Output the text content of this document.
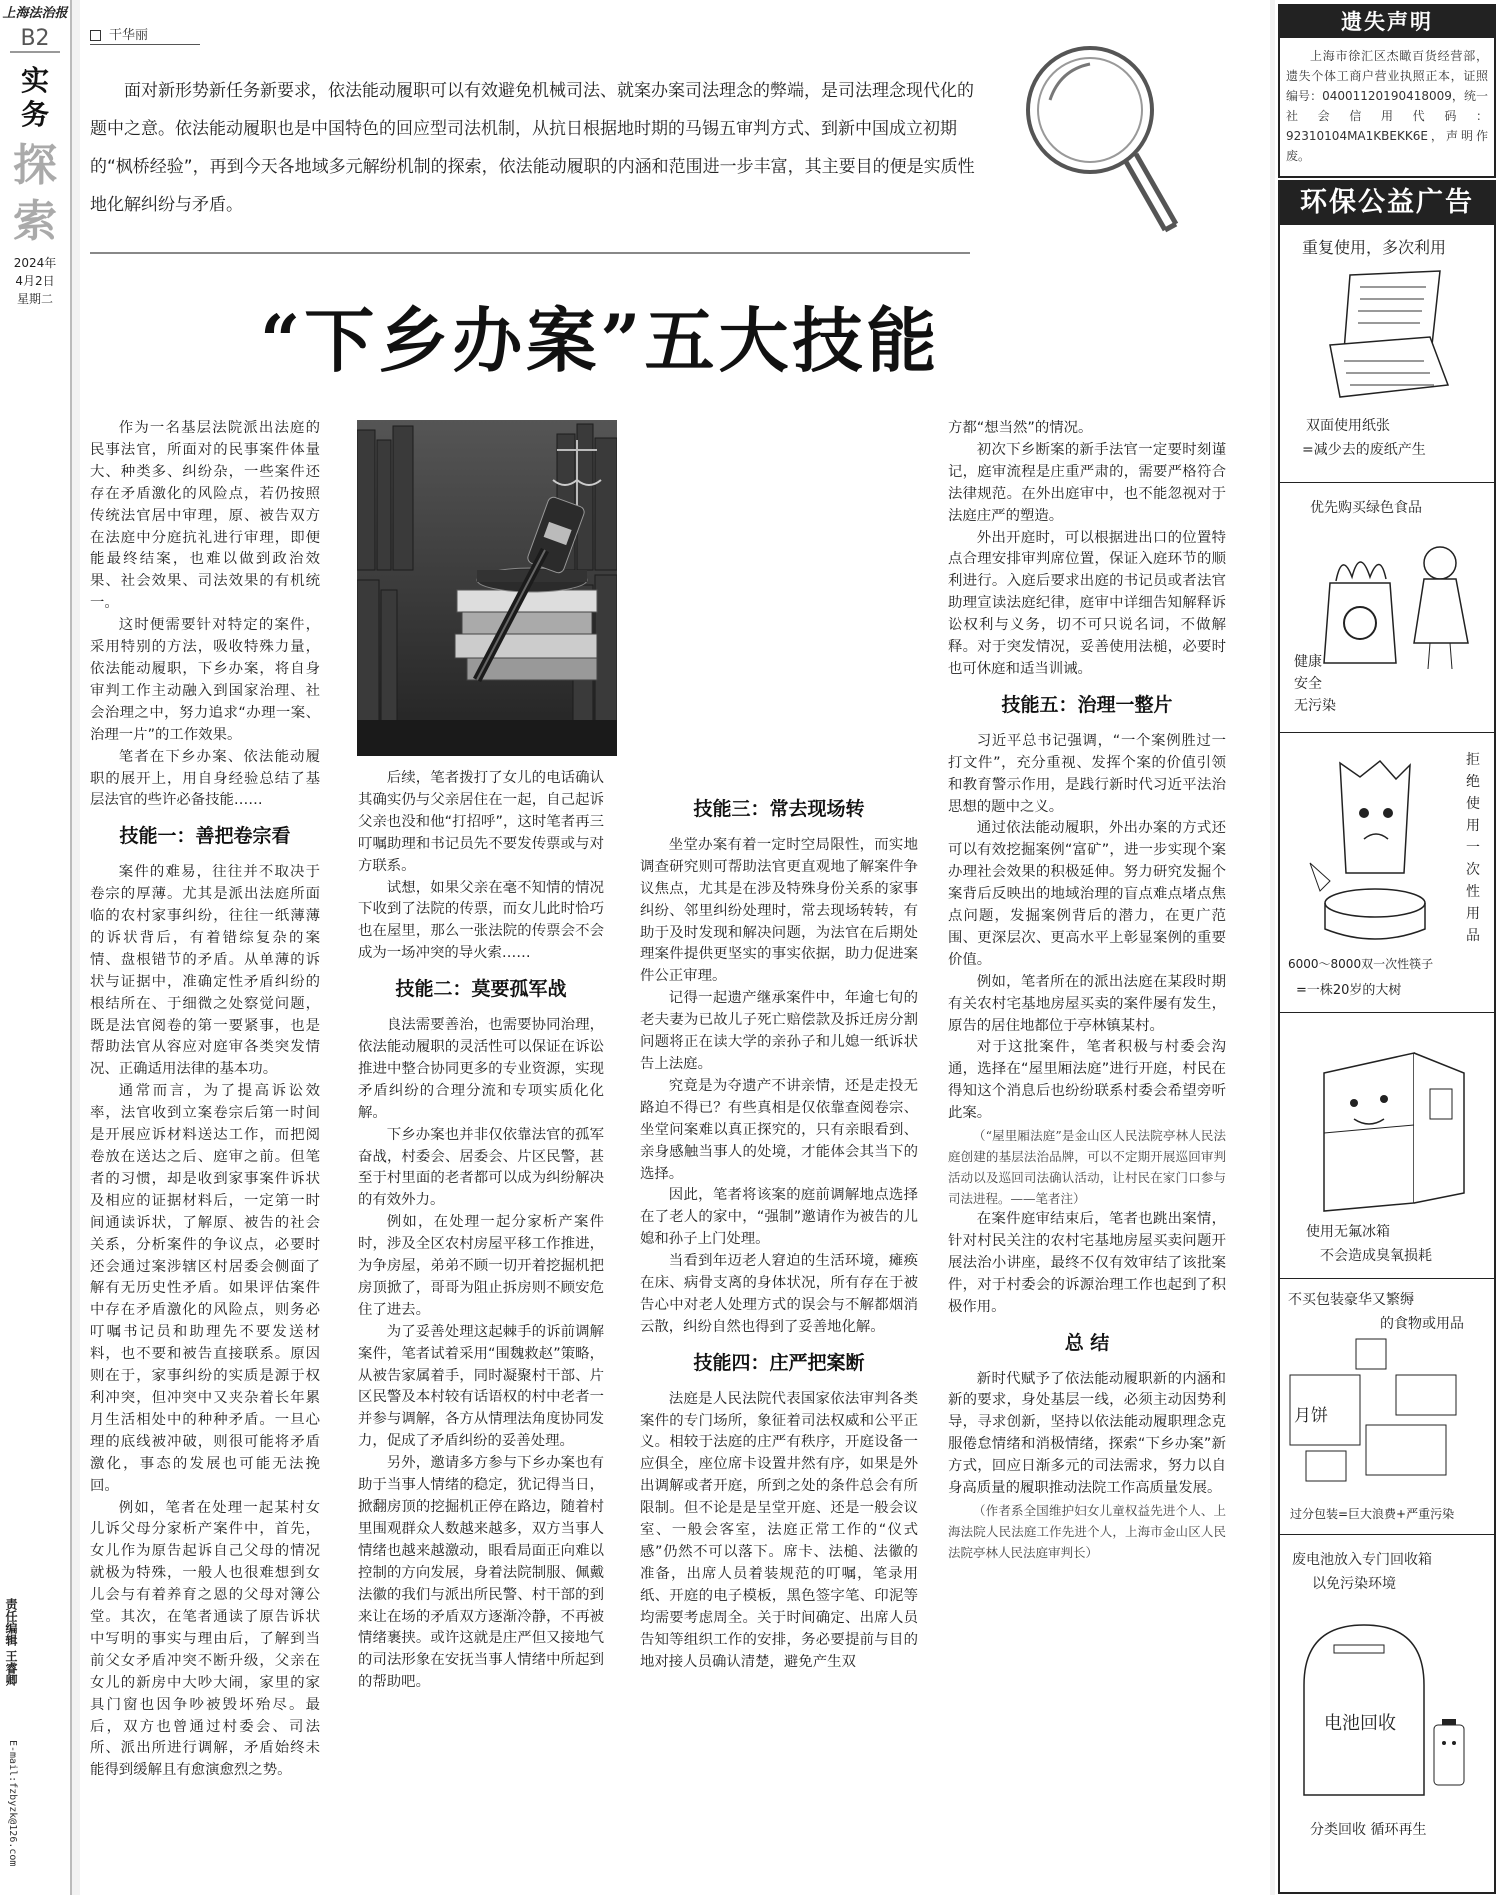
上海法治报
B2
实务
探索
2024年
4月2日
星期二
责任编辑 王睿卿
E-mail:fzbyzk@126.com
干华丽
面对新形势新任务新要求，依法能动履职可以有效避免机械司法、就案办案司法理念的弊端，是司法理念现代化的题中之意。依法能动履职也是中国特色的回应型司法机制，从抗日根据地时期的马锡五审判方式、到新中国成立初期的“枫桥经验”，再到今天各地域多元解纷机制的探索，依法能动履职的内涵和范围进一步丰富，其主要目的便是实质性地化解纠纷与矛盾。
“下乡办案”五大技能

作为一名基层法院派出法庭的民事法官，所面对的民事案件体量大、种类多、纠纷杂，一些案件还存在矛盾激化的风险点，若仍按照传统法官居中审理，原、被告双方在法庭中分庭抗礼进行审理，即便能最终结案，也难以做到政治效果、社会效果、司法效果的有机统一。

这时便需要针对特定的案件，采用特别的方法，吸收特殊力量，依法能动履职，下乡办案，将自身审判工作主动融入到国家治理、社会治理之中，努力追求“办理一案、治理一片”的工作效果。

笔者在下乡办案、依法能动履职的展开上，用自身经验总结了基层法官的些许必备技能……

技能一：善把卷宗看

案件的难易，往往并不取决于卷宗的厚薄。尤其是派出法庭所面临的农村家事纠纷，往往一纸薄薄的诉状背后，有着错综复杂的案情、盘根错节的矛盾。从单薄的诉状与证据中，准确定性矛盾纠纷的根结所在、于细微之处察觉问题，既是法官阅卷的第一要紧事，也是帮助法官从容应对庭审各类突发情况、正确适用法律的基本功。

通常而言，为了提高诉讼效率，法官收到立案卷宗后第一时间是开展应诉材料送达工作，而把阅卷放在送达之后、庭审之前。但笔者的习惯，却是收到家事案件诉状及相应的证据材料后，一定第一时间通读诉状，了解原、被告的社会关系，分析案件的争议点，必要时还会通过案涉辖区村居委会侧面了解有无历史性矛盾。如果评估案件中存在矛盾激化的风险点，则务必叮嘱书记员和助理先不要发送材料，也不要和被告直接联系。原因则在于，家事纠纷的实质是源于权利冲突，但冲突中又夹杂着长年累月生活相处中的种种矛盾。一旦心理的底线被冲破，则很可能将矛盾激化，事态的发展也可能无法挽回。

例如，笔者在处理一起某村女儿诉父母分家析产案件中，首先，女儿作为原告起诉自己父母的情况就极为特殊，一般人也很难想到女儿会与有着养育之恩的父母对簿公堂。其次，在笔者通读了原告诉状中写明的事实与理由后，了解到当前父女矛盾冲突不断升级，父亲在女儿的新房中大吵大闹，家里的家具门窗也因争吵被毁坏殆尽。最后，双方也曾通过村委会、司法所、派出所进行调解，矛盾始终未能得到缓解且有愈演愈烈之势。

后续，笔者拨打了女儿的电话确认其确实仍与父亲居住在一起，自己起诉父亲也没和他“打招呼”，这时笔者再三叮嘱助理和书记员先不要发传票或与对方联系。

试想，如果父亲在毫不知情的情况下收到了法院的传票，而女儿此时恰巧也在屋里，那么一张法院的传票会不会成为一场冲突的导火索……

技能二：莫要孤军战

良法需要善治，也需要协同治理，依法能动履职的灵活性可以保证在诉讼推进中整合协同更多的专业资源，实现矛盾纠纷的合理分流和专项实质化化解。

下乡办案也并非仅依靠法官的孤军奋战，村委会、居委会、片区民警，甚至于村里面的老者都可以成为纠纷解决的有效外力。

例如，在处理一起分家析产案件时，涉及全区农村房屋平移工作推进，为争房屋，弟弟不顾一切开着挖掘机把房顶掀了，哥哥为阻止拆房则不顾安危住了进去。

为了妥善处理这起棘手的诉前调解案件，笔者试着采用“围魏救赵”策略，从被告家属着手，同时凝聚村干部、片区民警及本村较有话语权的村中老者一并参与调解，各方从情理法角度协同发力，促成了矛盾纠纷的妥善处理。

另外，邀请多方参与下乡办案也有助于当事人情绪的稳定，犹记得当日，掀翻房顶的挖掘机正停在路边，随着村里围观群众人数越来越多，双方当事人情绪也越来越激动，眼看局面正向难以控制的方向发展，身着法院制服、佩戴法徽的我们与派出所民警、村干部的到来让在场的矛盾双方逐渐冷静，不再被情绪裹挟。或许这就是庄严但又接地气的司法形象在安抚当事人情绪中所起到的帮助吧。

技能三：常去现场转

坐堂办案有着一定时空局限性，而实地调查研究则可帮助法官更直观地了解案件争议焦点，尤其是在涉及特殊身份关系的家事纠纷、邻里纠纷处理时，常去现场转转，有助于及时发现和解决问题，为法官在后期处理案件提供更坚实的事实依据，助力促进案件公正审理。

记得一起遗产继承案件中，年逾七旬的老夫妻为已故儿子死亡赔偿款及拆迁房分割问题将正在读大学的亲孙子和儿媳一纸诉状告上法庭。

究竟是为夺遗产不讲亲情，还是走投无路迫不得已？有些真相是仅依靠查阅卷宗、坐堂问案难以真正探究的，只有亲眼看到、亲身感触当事人的处境，才能体会其当下的选择。

因此，笔者将该案的庭前调解地点选择在了老人的家中，“强制”邀请作为被告的儿媳和孙子上门处理。

当看到年迈老人窘迫的生活环境，瘫痪在床、病骨支离的身体状况，所有存在于被告心中对老人处理方式的误会与不解都烟消云散，纠纷自然也得到了妥善地化解。

技能四：庄严把案断

法庭是人民法院代表国家依法审判各类案件的专门场所，象征着司法权威和公平正义。相较于法庭的庄严有秩序，开庭设备一应俱全，座位席卡设置井然有序，如果是外出调解或者开庭，所到之处的条件总会有所限制。但不论是是呈堂开庭、还是一般会议室、一般会客室，法庭正常工作的“仪式感”仍然不可以落下。席卡、法槌、法徽的准备，出席人员着装规范的叮嘱，笔录用纸、开庭的电子模板，黑色签字笔、印泥等均需要考虑周全。关于时间确定、出席人员告知等组织工作的安排，务必要提前与目的地对接人员确认清楚，避免产生双

方都“想当然”的情况。

初次下乡断案的新手法官一定要时刻谨记，庭审流程是庄重严肃的，需要严格符合法律规范。在外出庭审中，也不能忽视对于法庭庄严的塑造。

外出开庭时，可以根据进出口的位置特点合理安排审判席位置，保证入庭环节的顺利进行。入庭后要求出庭的书记员或者法官助理宣读法庭纪律，庭审中详细告知解释诉讼权利与义务，切不可只说名词，不做解释。对于突发情况，妥善使用法槌，必要时也可休庭和适当训诫。

技能五：治理一整片

习近平总书记强调，“一个案例胜过一打文件”，充分重视、发挥个案的价值引领和教育警示作用，是践行新时代习近平法治思想的题中之义。

通过依法能动履职，外出办案的方式还可以有效挖掘案例“富矿”，进一步实现个案办理社会效果的积极延伸。努力研究发掘个案背后反映出的地域治理的盲点难点堵点焦点问题，发掘案例背后的潜力，在更广范围、更深层次、更高水平上彰显案例的重要价值。

例如，笔者所在的派出法庭在某段时期有关农村宅基地房屋买卖的案件屡有发生，原告的居住地都位于亭林镇某村。

对于这批案件，笔者积极与村委会沟通，选择在“屋里厢法庭”进行开庭，村民在得知这个消息后也纷纷联系村委会希望旁听此案。

（“屋里厢法庭”是金山区人民法院亭林人民法庭创建的基层法治品牌，可以不定期开展巡回审判活动以及巡回司法确认活动，让村民在家门口参与司法进程。——笔者注）

在案件庭审结束后，笔者也跳出案情，针对村民关注的农村宅基地房屋买卖问题开展法治小讲座，最终不仅有效审结了该批案件，对于村委会的诉源治理工作也起到了积极作用。

总 结

新时代赋予了依法能动履职新的内涵和新的要求，身处基层一线，必须主动因势利导，寻求创新，坚持以依法能动履职理念克服倦怠情绪和消极情绪，探索“下乡办案”新方式，回应日渐多元的司法需求，努力以自身高质量的履职推动法院工作高质量发展。

（作者系全国维护妇女儿童权益先进个人、上海法院人民法庭工作先进个人，上海市金山区人民法院亭林人民法庭审判长）

遗失声明
上海市徐汇区杰瞰百货经营部，遗失个体工商户营业执照正本，证照编号：04001120190418009，统一社会信用代码：92310104MA1KBEKK6E，声明作废。
环保公益广告
重复使用，多次利用
双面使用纸张
=减少去的废纸产生
优先购买绿色食品
健康
安全
无污染
拒绝使用一次性用品
6000～8000双一次性筷子
=一株20岁的大树
使用无氟冰箱
不会造成臭氧损耗
不买包装豪华又繁缛
的食物或用品
月饼
过分包装=巨大浪费+严重污染
废电池放入专门回收箱
以免污染环境
电池回收
分类回收 循环再生
